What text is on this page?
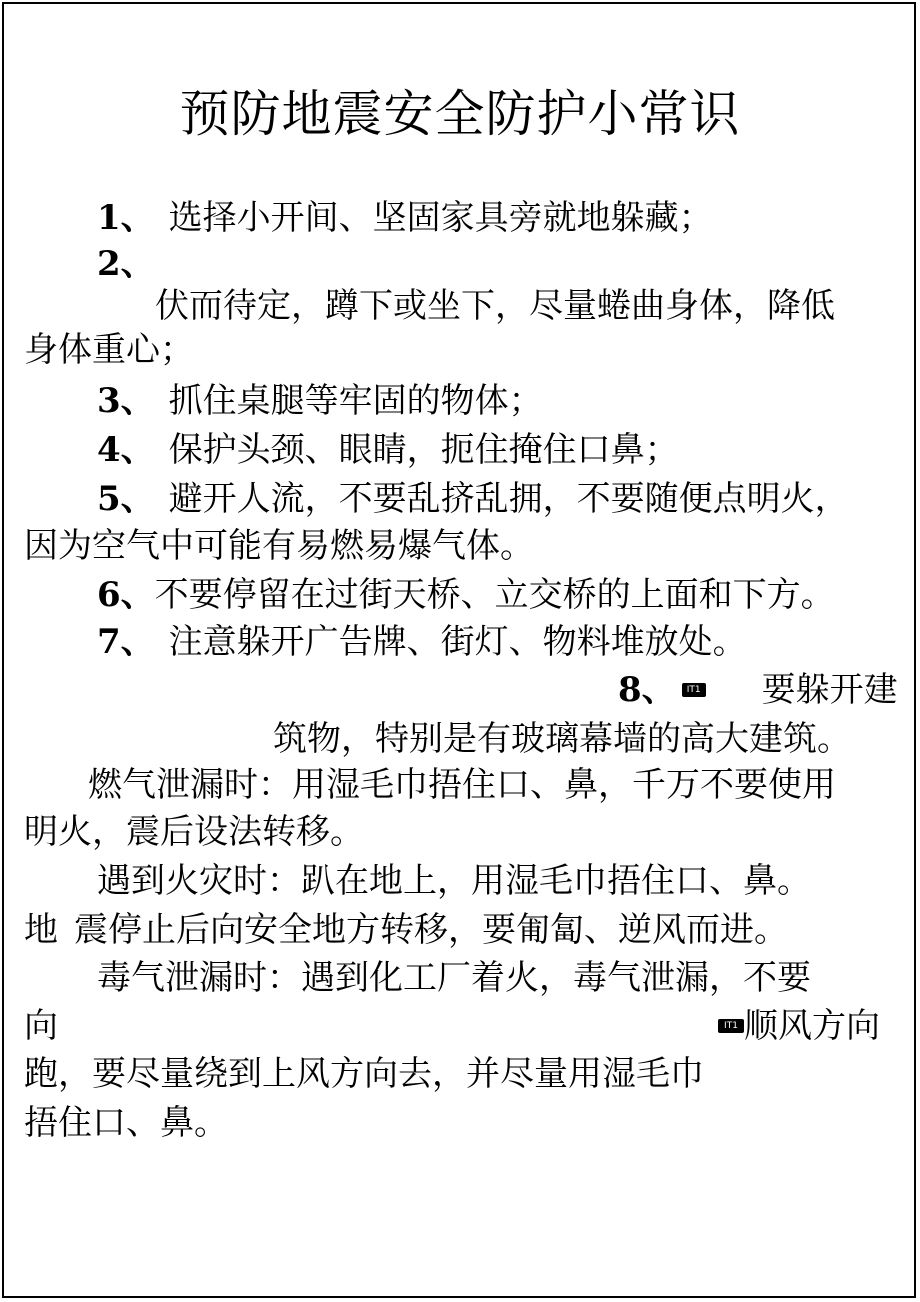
预防地震安全防护小常识
1、 选择小开间、坚固家具旁就地躲藏；
2、
伏而待定，蹲下或坐下，尽量蜷曲身体，降低
身体重心；
3、 抓住桌腿等牢固的物体；
4、 保护头颈、眼睛，扼住掩住口鼻；
5、 避开人流，不要乱挤乱拥，不要随便点明火，
因为空气中可能有易燃易爆气体。
6、不要停留在过街天桥、立交桥的上面和下方。
7、 注意躲开广告牌、街灯、物料堆放处。
8、 IT1 要躲开建
筑物，特别是有玻璃幕墙的高大建筑。
燃气泄漏时：用湿毛巾捂住口、鼻，千万不要使用
明火，震后设法转移。
遇到火灾时：趴在地上，用湿毛巾捂住口、鼻。
地 震停止后向安全地方转移，要匍匐、逆风而进。
毒气泄漏时：遇到化工厂着火，毒气泄漏，不要
向	IT1 顺风方向
跑，要尽量绕到上风方向去，并尽量用湿毛巾
捂住口、鼻。
